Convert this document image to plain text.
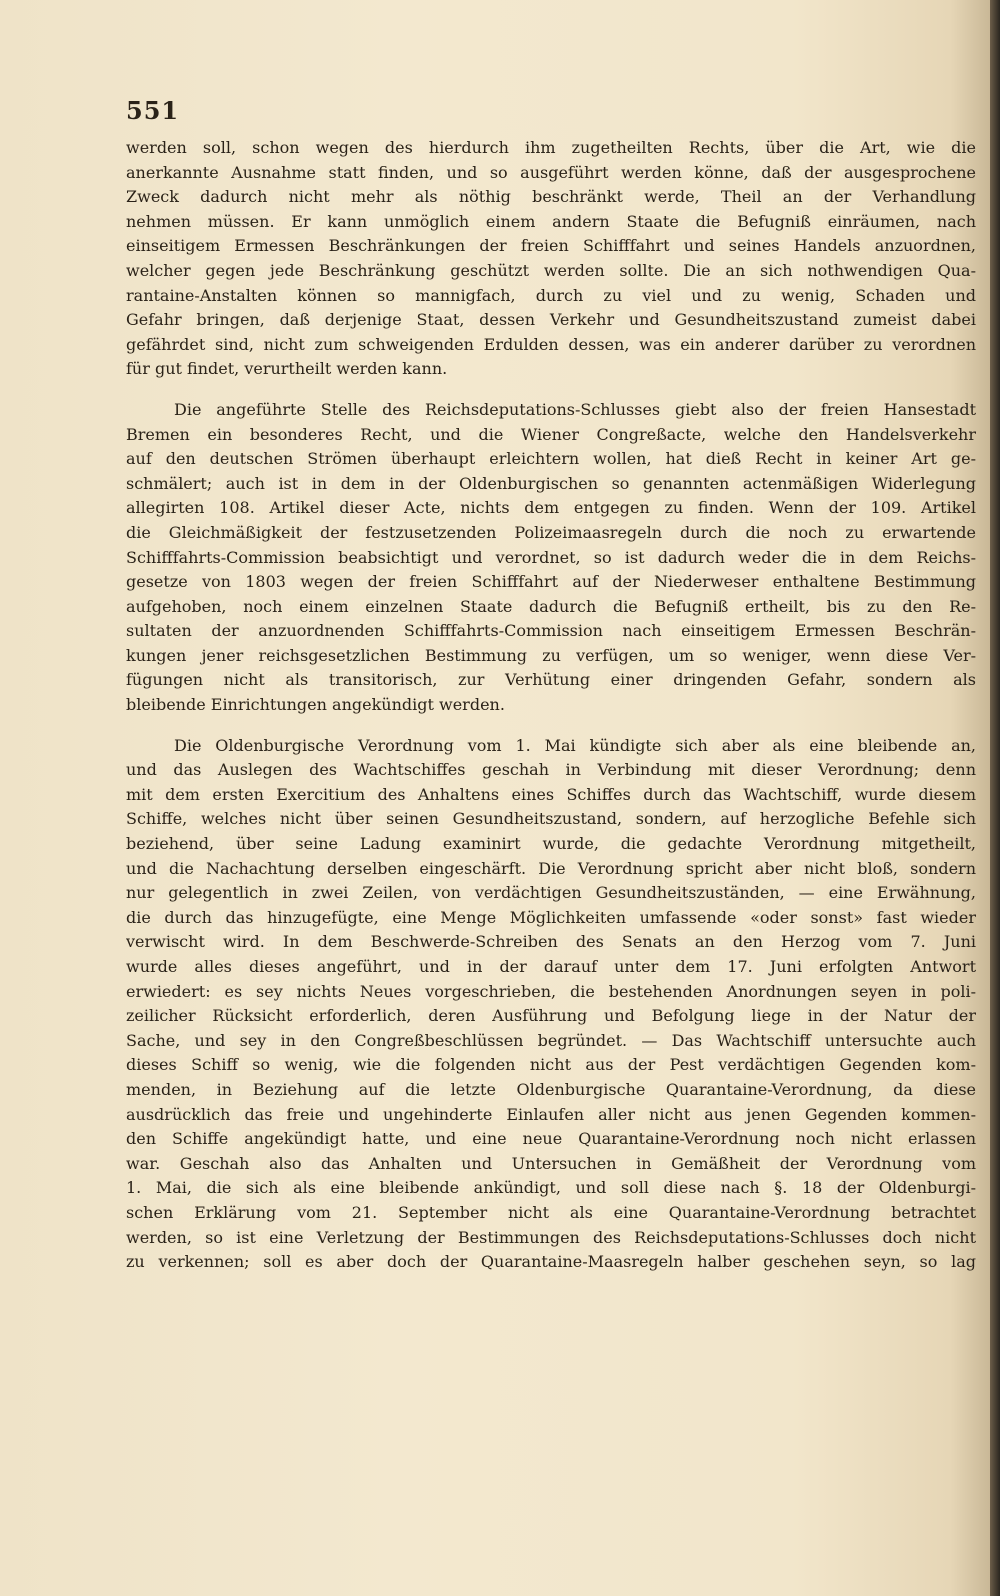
551
werden soll, schon wegen des hierdurch ihm zugetheilten Rechts, über die Art, wie die
anerkannte Ausnahme statt finden, und so ausgeführt werden könne, daß der ausgesprochene
Zweck dadurch nicht mehr als nöthig beschränkt werde, Theil an der Verhandlung
nehmen müssen. Er kann unmöglich einem andern Staate die Befugniß einräumen, nach
einseitigem Ermessen Beschränkungen der freien Schifffahrt und seines Handels anzuordnen,
welcher gegen jede Beschränkung geschützt werden sollte. Die an sich nothwendigen Qua-
rantaine-Anstalten können so mannigfach, durch zu viel und zu wenig, Schaden und
Gefahr bringen, daß derjenige Staat, dessen Verkehr und Gesundheitszustand zumeist dabei
gefährdet sind, nicht zum schweigenden Erdulden dessen, was ein anderer darüber zu verordnen
für gut findet, verurtheilt werden kann.
Die angeführte Stelle des Reichsdeputations-Schlusses giebt also der freien Hansestadt
Bremen ein besonderes Recht, und die Wiener Congreßacte, welche den Handelsverkehr
auf den deutschen Strömen überhaupt erleichtern wollen, hat dieß Recht in keiner Art ge-
schmälert; auch ist in dem in der Oldenburgischen so genannten actenmäßigen Widerlegung
allegirten 108. Artikel dieser Acte, nichts dem entgegen zu finden. Wenn der 109. Artikel
die Gleichmäßigkeit der festzusetzenden Polizeimaasregeln durch die noch zu erwartende
Schifffahrts-Commission beabsichtigt und verordnet, so ist dadurch weder die in dem Reichs-
gesetze von 1803 wegen der freien Schifffahrt auf der Niederweser enthaltene Bestimmung
aufgehoben, noch einem einzelnen Staate dadurch die Befugniß ertheilt, bis zu den Re-
sultaten der anzuordnenden Schifffahrts-Commission nach einseitigem Ermessen Beschrän-
kungen jener reichsgesetzlichen Bestimmung zu verfügen, um so weniger, wenn diese Ver-
fügungen nicht als transitorisch, zur Verhütung einer dringenden Gefahr, sondern als
bleibende Einrichtungen angekündigt werden.
Die Oldenburgische Verordnung vom 1. Mai kündigte sich aber als eine bleibende an,
und das Auslegen des Wachtschiffes geschah in Verbindung mit dieser Verordnung; denn
mit dem ersten Exercitium des Anhaltens eines Schiffes durch das Wachtschiff, wurde diesem
Schiffe, welches nicht über seinen Gesundheitszustand, sondern, auf herzogliche Befehle sich
beziehend, über seine Ladung examinirt wurde, die gedachte Verordnung mitgetheilt,
und die Nachachtung derselben eingeschärft. Die Verordnung spricht aber nicht bloß, sondern
nur gelegentlich in zwei Zeilen, von verdächtigen Gesundheitszuständen, — eine Erwähnung,
die durch das hinzugefügte, eine Menge Möglichkeiten umfassende «oder sonst» fast wieder
verwischt wird. In dem Beschwerde-Schreiben des Senats an den Herzog vom 7. Juni
wurde alles dieses angeführt, und in der darauf unter dem 17. Juni erfolgten Antwort
erwiedert: es sey nichts Neues vorgeschrieben, die bestehenden Anordnungen seyen in poli-
zeilicher Rücksicht erforderlich, deren Ausführung und Befolgung liege in der Natur der
Sache, und sey in den Congreßbeschlüssen begründet. — Das Wachtschiff untersuchte auch
dieses Schiff so wenig, wie die folgenden nicht aus der Pest verdächtigen Gegenden kom-
menden, in Beziehung auf die letzte Oldenburgische Quarantaine-Verordnung, da diese
ausdrücklich das freie und ungehinderte Einlaufen aller nicht aus jenen Gegenden kommen-
den Schiffe angekündigt hatte, und eine neue Quarantaine-Verordnung noch nicht erlassen
war. Geschah also das Anhalten und Untersuchen in Gemäßheit der Verordnung vom
1. Mai, die sich als eine bleibende ankündigt, und soll diese nach §. 18 der Oldenburgi-
schen Erklärung vom 21. September nicht als eine Quarantaine-Verordnung betrachtet
werden, so ist eine Verletzung der Bestimmungen des Reichsdeputations-Schlusses doch nicht
zu verkennen; soll es aber doch der Quarantaine-Maasregeln halber geschehen seyn, so lag
